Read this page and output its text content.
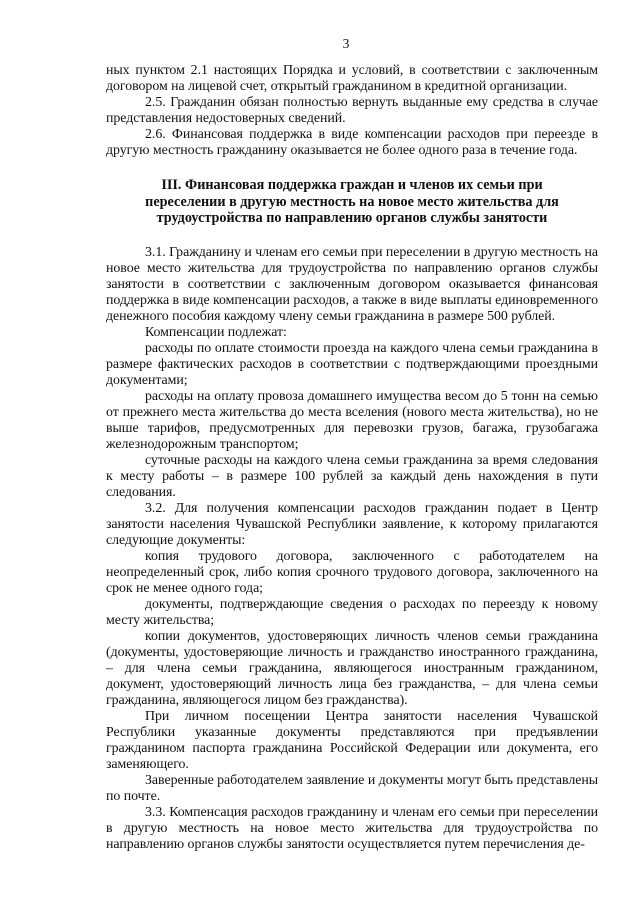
3

ных пунктом 2.1 настоящих Порядка и условий, в соответствии с заключенным договором на лицевой счет, открытый гражданином в кредитной организации.

2.5. Гражданин обязан полностью вернуть выданные ему средства в случае представления недостоверных сведений.

2.6. Финансовая поддержка в виде компенсации расходов при переезде в другую местность гражданину оказывается не более одного раза в течение года.

III. Финансовая поддержка граждан и членов их семьи при переселении в другую местность на новое место жительства для трудоустройства по направлению органов службы занятости

3.1. Гражданину и членам его семьи при переселении в другую местность на новое место жительства для трудоустройства по направлению органов службы занятости в соответствии с заключенным договором оказывается финансовая поддержка в виде компенсации расходов, а также в виде выплаты единовременного денежного пособия каждому члену семьи гражданина в размере 500 рублей.

Компенсации подлежат:

расходы по оплате стоимости проезда на каждого члена семьи гражданина в размере фактических расходов в соответствии с подтверждающими проездными документами;

расходы на оплату провоза домашнего имущества весом до 5 тонн на семью от прежнего места жительства до места вселения (нового места жительства), но не выше тарифов, предусмотренных для перевозки грузов, багажа, грузобагажа железнодорожным транспортом;

суточные расходы на каждого члена семьи гражданина за время следования к месту работы – в размере 100 рублей за каждый день нахождения в пути следования.

3.2. Для получения компенсации расходов гражданин подает в Центр занятости населения Чувашской Республики заявление, к которому прилагаются следующие документы:

копия трудового договора, заключенного с работодателем на неопределенный срок, либо копия срочного трудового договора, заключенного на срок не менее одного года;

документы, подтверждающие сведения о расходах по переезду к новому месту жительства;

копии документов, удостоверяющих личность членов семьи гражданина (документы, удостоверяющие личность и гражданство иностранного гражданина, – для члена семьи гражданина, являющегося иностранным гражданином, документ, удостоверяющий личность лица без гражданства, – для члена семьи гражданина, являющегося лицом без гражданства).

При личном посещении Центра занятости населения Чувашской Республики указанные документы представляются при предъявлении гражданином паспорта гражданина Российской Федерации или документа, его заменяющего.

Заверенные работодателем заявление и документы могут быть представлены по почте.

3.3. Компенсация расходов гражданину и членам его семьи при переселении в другую местность на новое место жительства для трудоустройства по направлению органов службы занятости осуществляется путем перечисления де-
